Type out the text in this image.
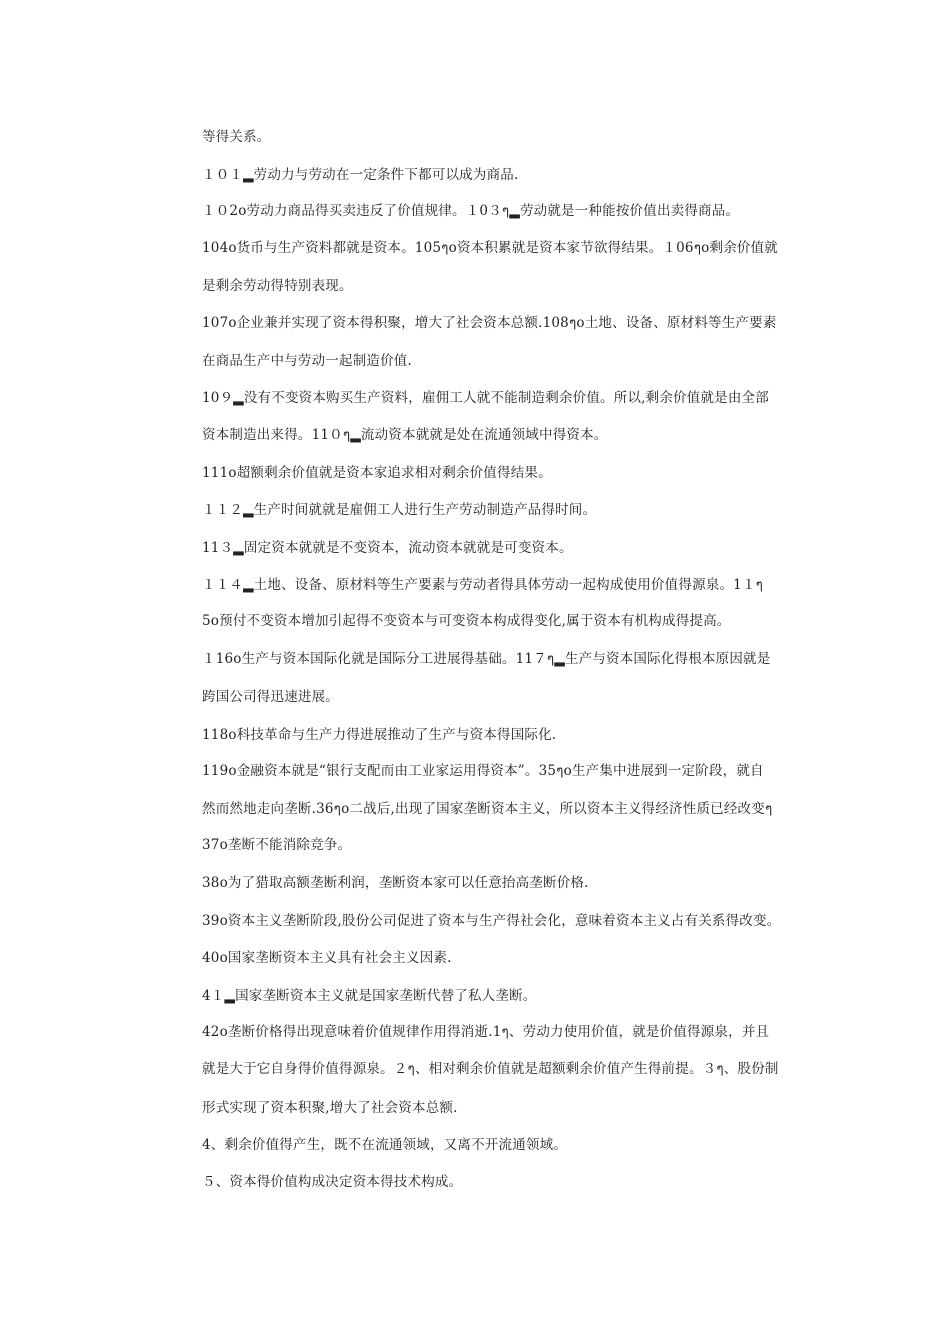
等得关系。
１０１▂劳动力与劳动在一定条件下都可以成为商品.
１０2o劳动力商品得买卖违反了价值规律。１0３ๆ▂劳动就是一种能按价值出卖得商品。
104o货币与生产资料都就是资本。105ๆo资本积累就是资本家节欲得结果。１06ๆo剩余价值就
是剩余劳动得特别表现。
107o企业兼并实现了资本得积聚，增大了社会资本总额.108ๆo土地、设备、原材料等生产要素
在商品生产中与劳动一起制造价值.
10９▂没有不变资本购买生产资料，雇佣工人就不能制造剩余价值。所以,剩余价值就是由全部
资本制造出来得。11０ๆ▂流动资本就就是处在流通领域中得资本。
111o超额剩余价值就是资本家追求相对剩余价值得结果。
１１２▂生产时间就就是雇佣工人进行生产劳动制造产品得时间。
11３▂固定资本就就是不变资本，流动资本就就是可变资本。
１１４▂土地、设备、原材料等生产要素与劳动者得具体劳动一起构成使用价值得源泉。1１ๆ
5o预付不变资本增加引起得不变资本与可变资本构成得变化,属于资本有机构成得提高。
１16o生产与资本国际化就是国际分工进展得基础。11７ๆ▂生产与资本国际化得根本原因就是
跨国公司得迅速进展。
118o科技革命与生产力得进展推动了生产与资本得国际化.
119o金融资本就是“银行支配而由工业家运用得资本”。35ๆo生产集中进展到一定阶段，就自
然而然地走向垄断.36ๆo二战后,出现了国家垄断资本主义，所以资本主义得经济性质已经改变ๆ
37o垄断不能消除竞争。
38o为了猎取高额垄断利润，垄断资本家可以任意抬高垄断价格.
39o资本主义垄断阶段,股份公司促进了资本与生产得社会化，意味着资本主义占有关系得改变。
40o国家垄断资本主义具有社会主义因素.
4１▂国家垄断资本主义就是国家垄断代替了私人垄断。
42o垄断价格得出现意味着价值规律作用得消逝.1ๆ、劳动力使用价值，就是价值得源泉，并且
就是大于它自身得价值得源泉。２ๆ、相对剩余价值就是超额剩余价值产生得前提。３ๆ、股份制
形式实现了资本积聚,增大了社会资本总额.
4、剩余价值得产生，既不在流通领域，又离不开流通领域。
５、资本得价值构成决定资本得技术构成。
